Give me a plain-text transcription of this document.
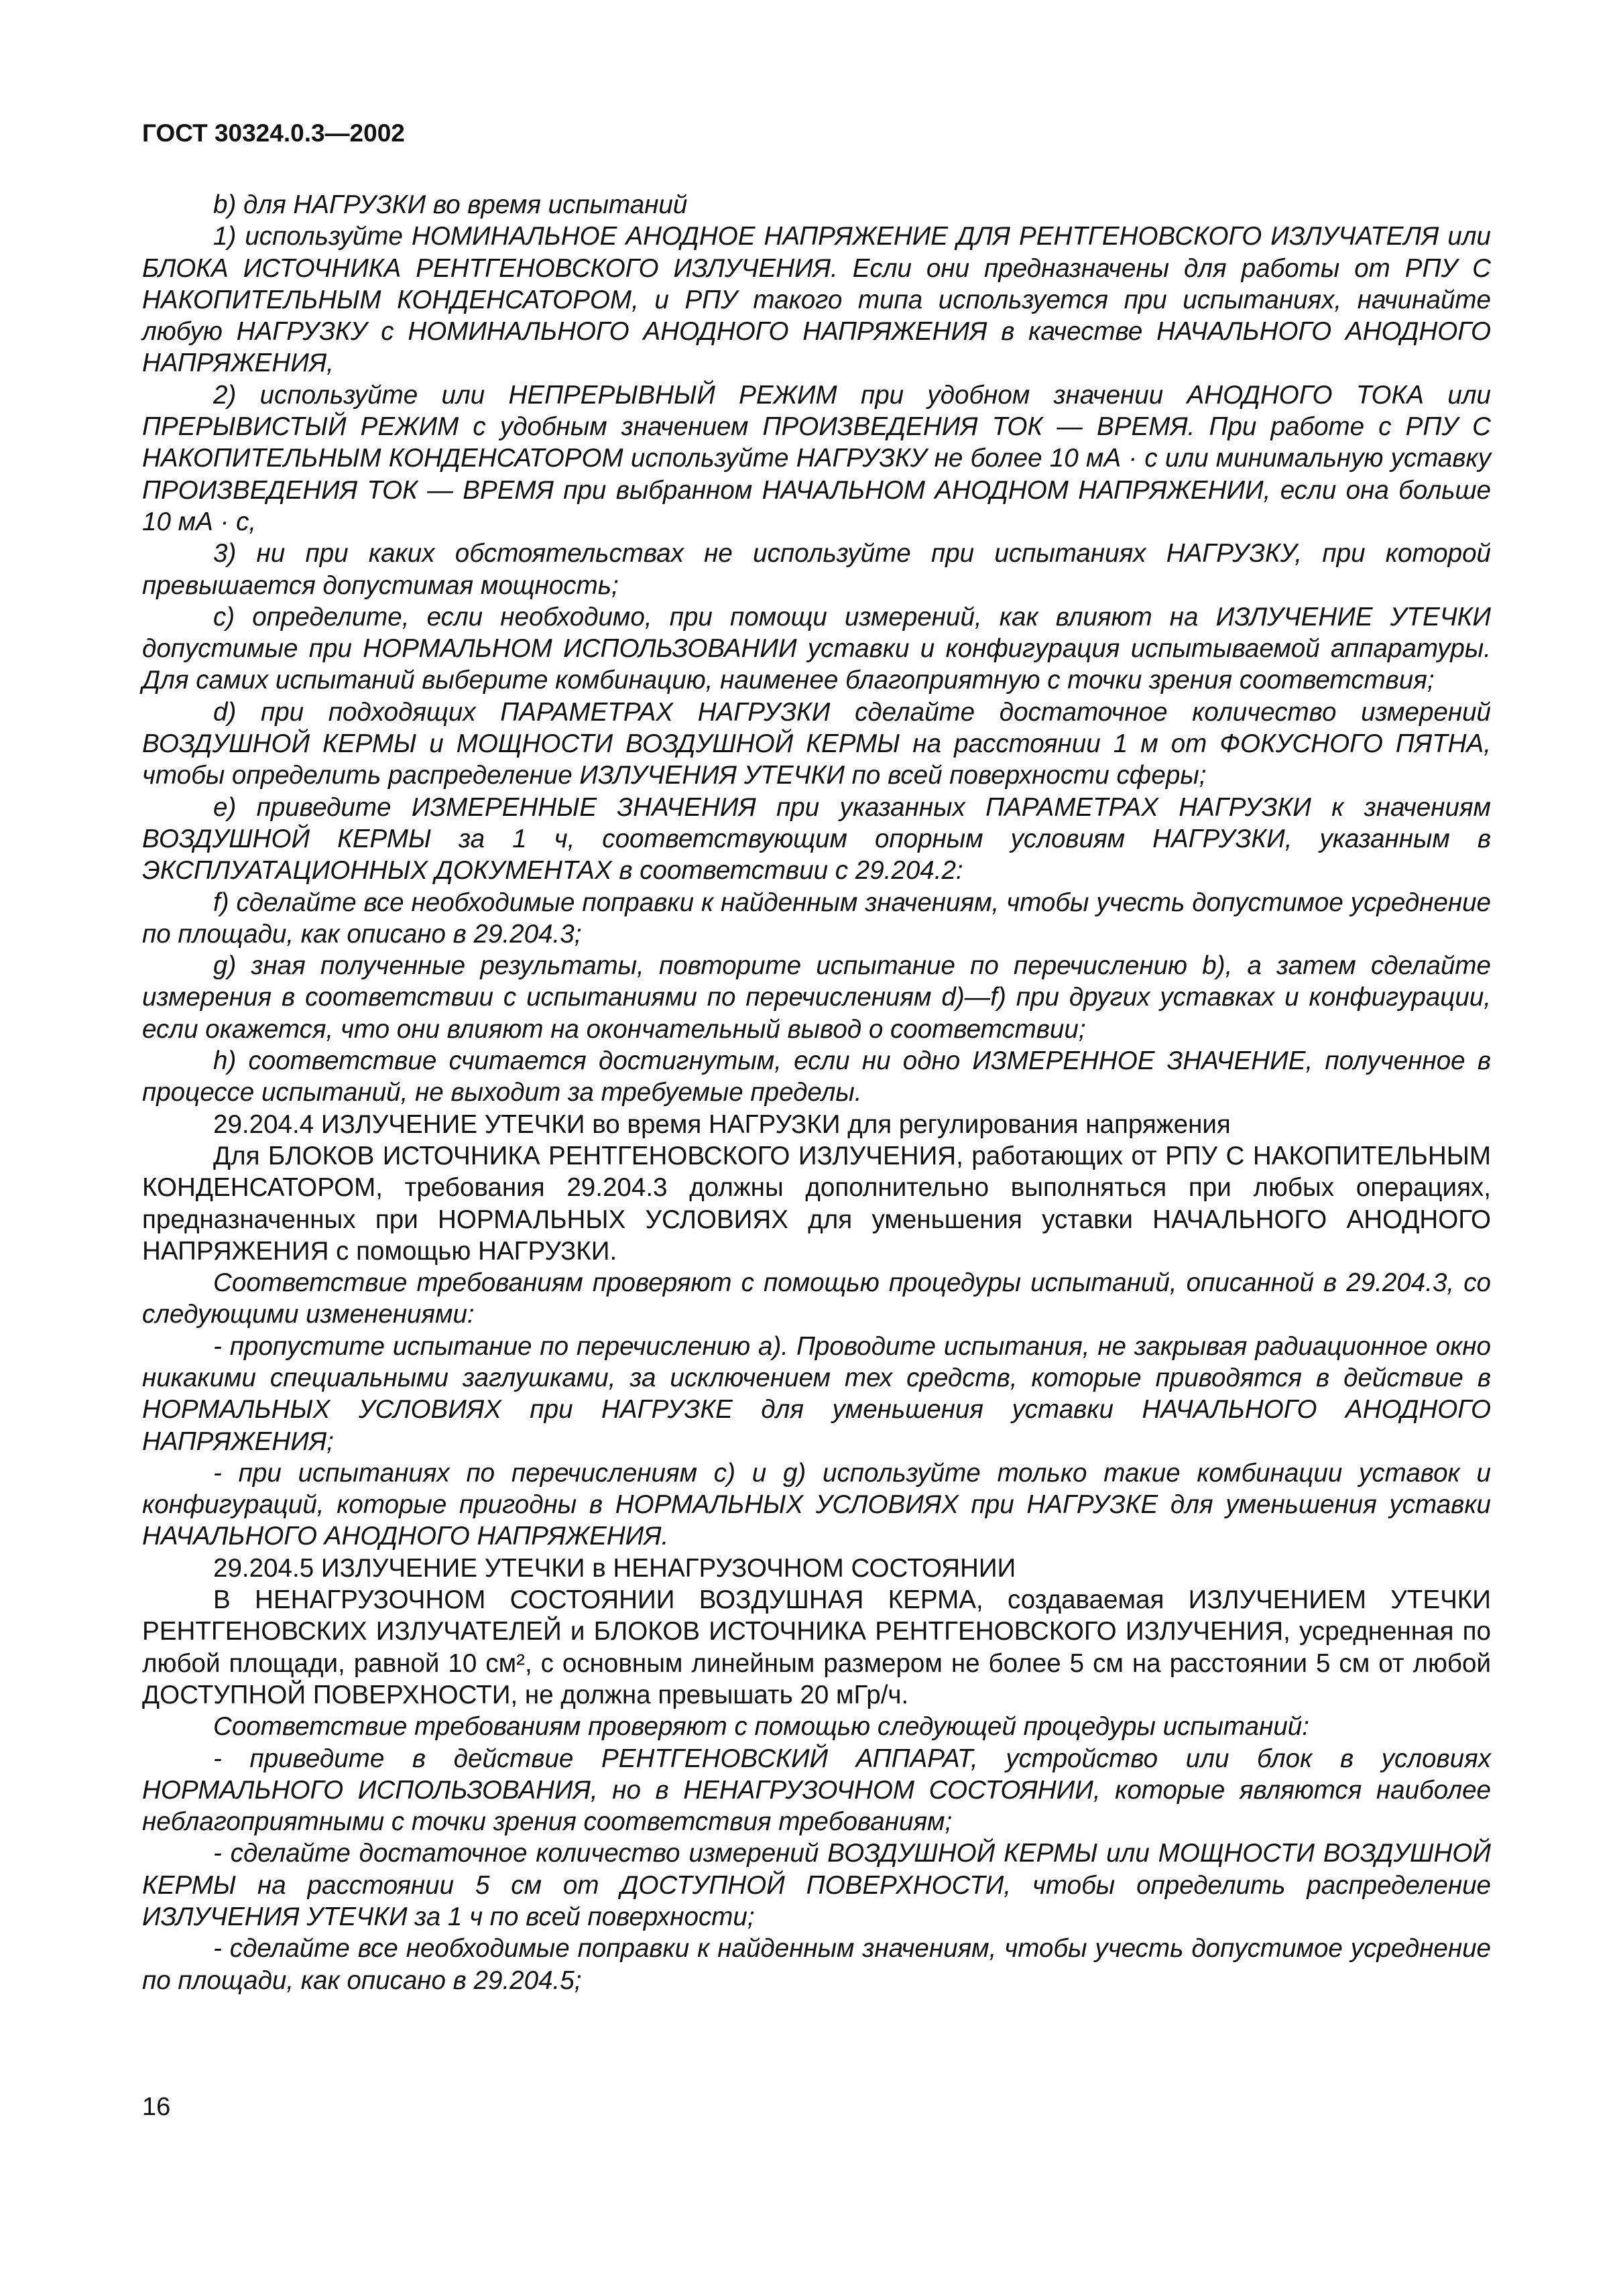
ГОСТ 30324.0.3—2002

b) для НАГРУЗКИ во время испытаний

1) используйте НОМИНАЛЬНОЕ АНОДНОЕ НАПРЯЖЕНИЕ ДЛЯ РЕНТГЕНОВСКОГО ИЗЛУЧАТЕЛЯ или БЛОКА ИСТОЧНИКА РЕНТГЕНОВСКОГО ИЗЛУЧЕНИЯ. Если они предназначены для работы от РПУ С НАКОПИТЕЛЬНЫМ КОНДЕНСАТОРОМ, и РПУ такого типа используется при испытаниях, начинайте любую НАГРУЗКУ с НОМИНАЛЬНОГО АНОДНОГО НАПРЯЖЕНИЯ в качестве НАЧАЛЬНОГО АНОДНОГО НАПРЯЖЕНИЯ,

2) используйте или НЕПРЕРЫВНЫЙ РЕЖИМ при удобном значении АНОДНОГО ТОКА или ПРЕРЫВИСТЫЙ РЕЖИМ с удобным значением ПРОИЗВЕДЕНИЯ ТОК — ВРЕМЯ. При работе с РПУ С НАКОПИТЕЛЬНЫМ КОНДЕНСАТОРОМ используйте НАГРУЗКУ не более 10 мА · с или минимальную уставку ПРОИЗВЕДЕНИЯ ТОК — ВРЕМЯ при выбранном НАЧАЛЬНОМ АНОДНОМ НАПРЯЖЕНИИ, если она больше 10 мА · с,

3) ни при каких обстоятельствах не используйте при испытаниях НАГРУЗКУ, при которой превышается допустимая мощность;

c) определите, если необходимо, при помощи измерений, как влияют на ИЗЛУЧЕНИЕ УТЕЧКИ допустимые при НОРМАЛЬНОМ ИСПОЛЬЗОВАНИИ уставки и конфигурация испытываемой аппаратуры. Для самих испытаний выберите комбинацию, наименее благоприятную с точки зрения соответствия;

d) при подходящих ПАРАМЕТРАХ НАГРУЗКИ сделайте достаточное количество измерений ВОЗДУШНОЙ КЕРМЫ и МОЩНОСТИ ВОЗДУШНОЙ КЕРМЫ на расстоянии 1 м от ФОКУСНОГО ПЯТНА, чтобы определить распределение ИЗЛУЧЕНИЯ УТЕЧКИ по всей поверхности сферы;

e) приведите ИЗМЕРЕННЫЕ ЗНАЧЕНИЯ при указанных ПАРАМЕТРАХ НАГРУЗКИ к значениям ВОЗДУШНОЙ КЕРМЫ за 1 ч, соответствующим опорным условиям НАГРУЗКИ, указанным в ЭКСПЛУАТАЦИОННЫХ ДОКУМЕНТАХ в соответствии с 29.204.2:

f) сделайте все необходимые поправки к найденным значениям, чтобы учесть допустимое усреднение по площади, как описано в 29.204.3;

g) зная полученные результаты, повторите испытание по перечислению b), а затем сделайте измерения в соответствии с испытаниями по перечислениям d)—f) при других уставках и конфигурации, если окажется, что они влияют на окончательный вывод о соответствии;

h) соответствие считается достигнутым, если ни одно ИЗМЕРЕННОЕ ЗНАЧЕНИЕ, полученное в процессе испытаний, не выходит за требуемые пределы.

29.204.4 ИЗЛУЧЕНИЕ УТЕЧКИ во время НАГРУЗКИ для регулирования напряжения

Для БЛОКОВ ИСТОЧНИКА РЕНТГЕНОВСКОГО ИЗЛУЧЕНИЯ, работающих от РПУ С НАКОПИТЕЛЬНЫМ КОНДЕНСАТОРОМ, требования 29.204.3 должны дополнительно выполняться при любых операциях, предназначенных при НОРМАЛЬНЫХ УСЛОВИЯХ для уменьшения уставки НАЧАЛЬНОГО АНОДНОГО НАПРЯЖЕНИЯ с помощью НАГРУЗКИ.

Соответствие требованиям проверяют с помощью процедуры испытаний, описанной в 29.204.3, со следующими изменениями:

- пропустите испытание по перечислению a). Проводите испытания, не закрывая радиационное окно никакими специальными заглушками, за исключением тех средств, которые приводятся в действие в НОРМАЛЬНЫХ УСЛОВИЯХ при НАГРУЗКЕ для уменьшения уставки НАЧАЛЬНОГО АНОДНОГО НАПРЯЖЕНИЯ;

- при испытаниях по перечислениям c) и g) используйте только такие комбинации уставок и конфигураций, которые пригодны в НОРМАЛЬНЫХ УСЛОВИЯХ при НАГРУЗКЕ для уменьшения уставки НАЧАЛЬНОГО АНОДНОГО НАПРЯЖЕНИЯ.

29.204.5 ИЗЛУЧЕНИЕ УТЕЧКИ в НЕНАГРУЗОЧНОМ СОСТОЯНИИ

В НЕНАГРУЗОЧНОМ СОСТОЯНИИ ВОЗДУШНАЯ КЕРМА, создаваемая ИЗЛУЧЕНИЕМ УТЕЧКИ РЕНТГЕНОВСКИХ ИЗЛУЧАТЕЛЕЙ и БЛОКОВ ИСТОЧНИКА РЕНТГЕНОВСКОГО ИЗЛУЧЕНИЯ, усредненная по любой площади, равной 10 см², с основным линейным размером не более 5 см на расстоянии 5 см от любой ДОСТУПНОЙ ПОВЕРХНОСТИ, не должна превышать 20 мГр/ч.

Соответствие требованиям проверяют с помощью следующей процедуры испытаний:

- приведите в действие РЕНТГЕНОВСКИЙ АППАРАТ, устройство или блок в условиях НОРМАЛЬНОГО ИСПОЛЬЗОВАНИЯ, но в НЕНАГРУЗОЧНОМ СОСТОЯНИИ, которые являются наиболее неблагоприятными с точки зрения соответствия требованиям;

- сделайте достаточное количество измерений ВОЗДУШНОЙ КЕРМЫ или МОЩНОСТИ ВОЗДУШНОЙ КЕРМЫ на расстоянии 5 см от ДОСТУПНОЙ ПОВЕРХНОСТИ, чтобы определить распределение ИЗЛУЧЕНИЯ УТЕЧКИ за 1 ч по всей поверхности;

- сделайте все необходимые поправки к найденным значениям, чтобы учесть допустимое усреднение по площади, как описано в 29.204.5;

16
